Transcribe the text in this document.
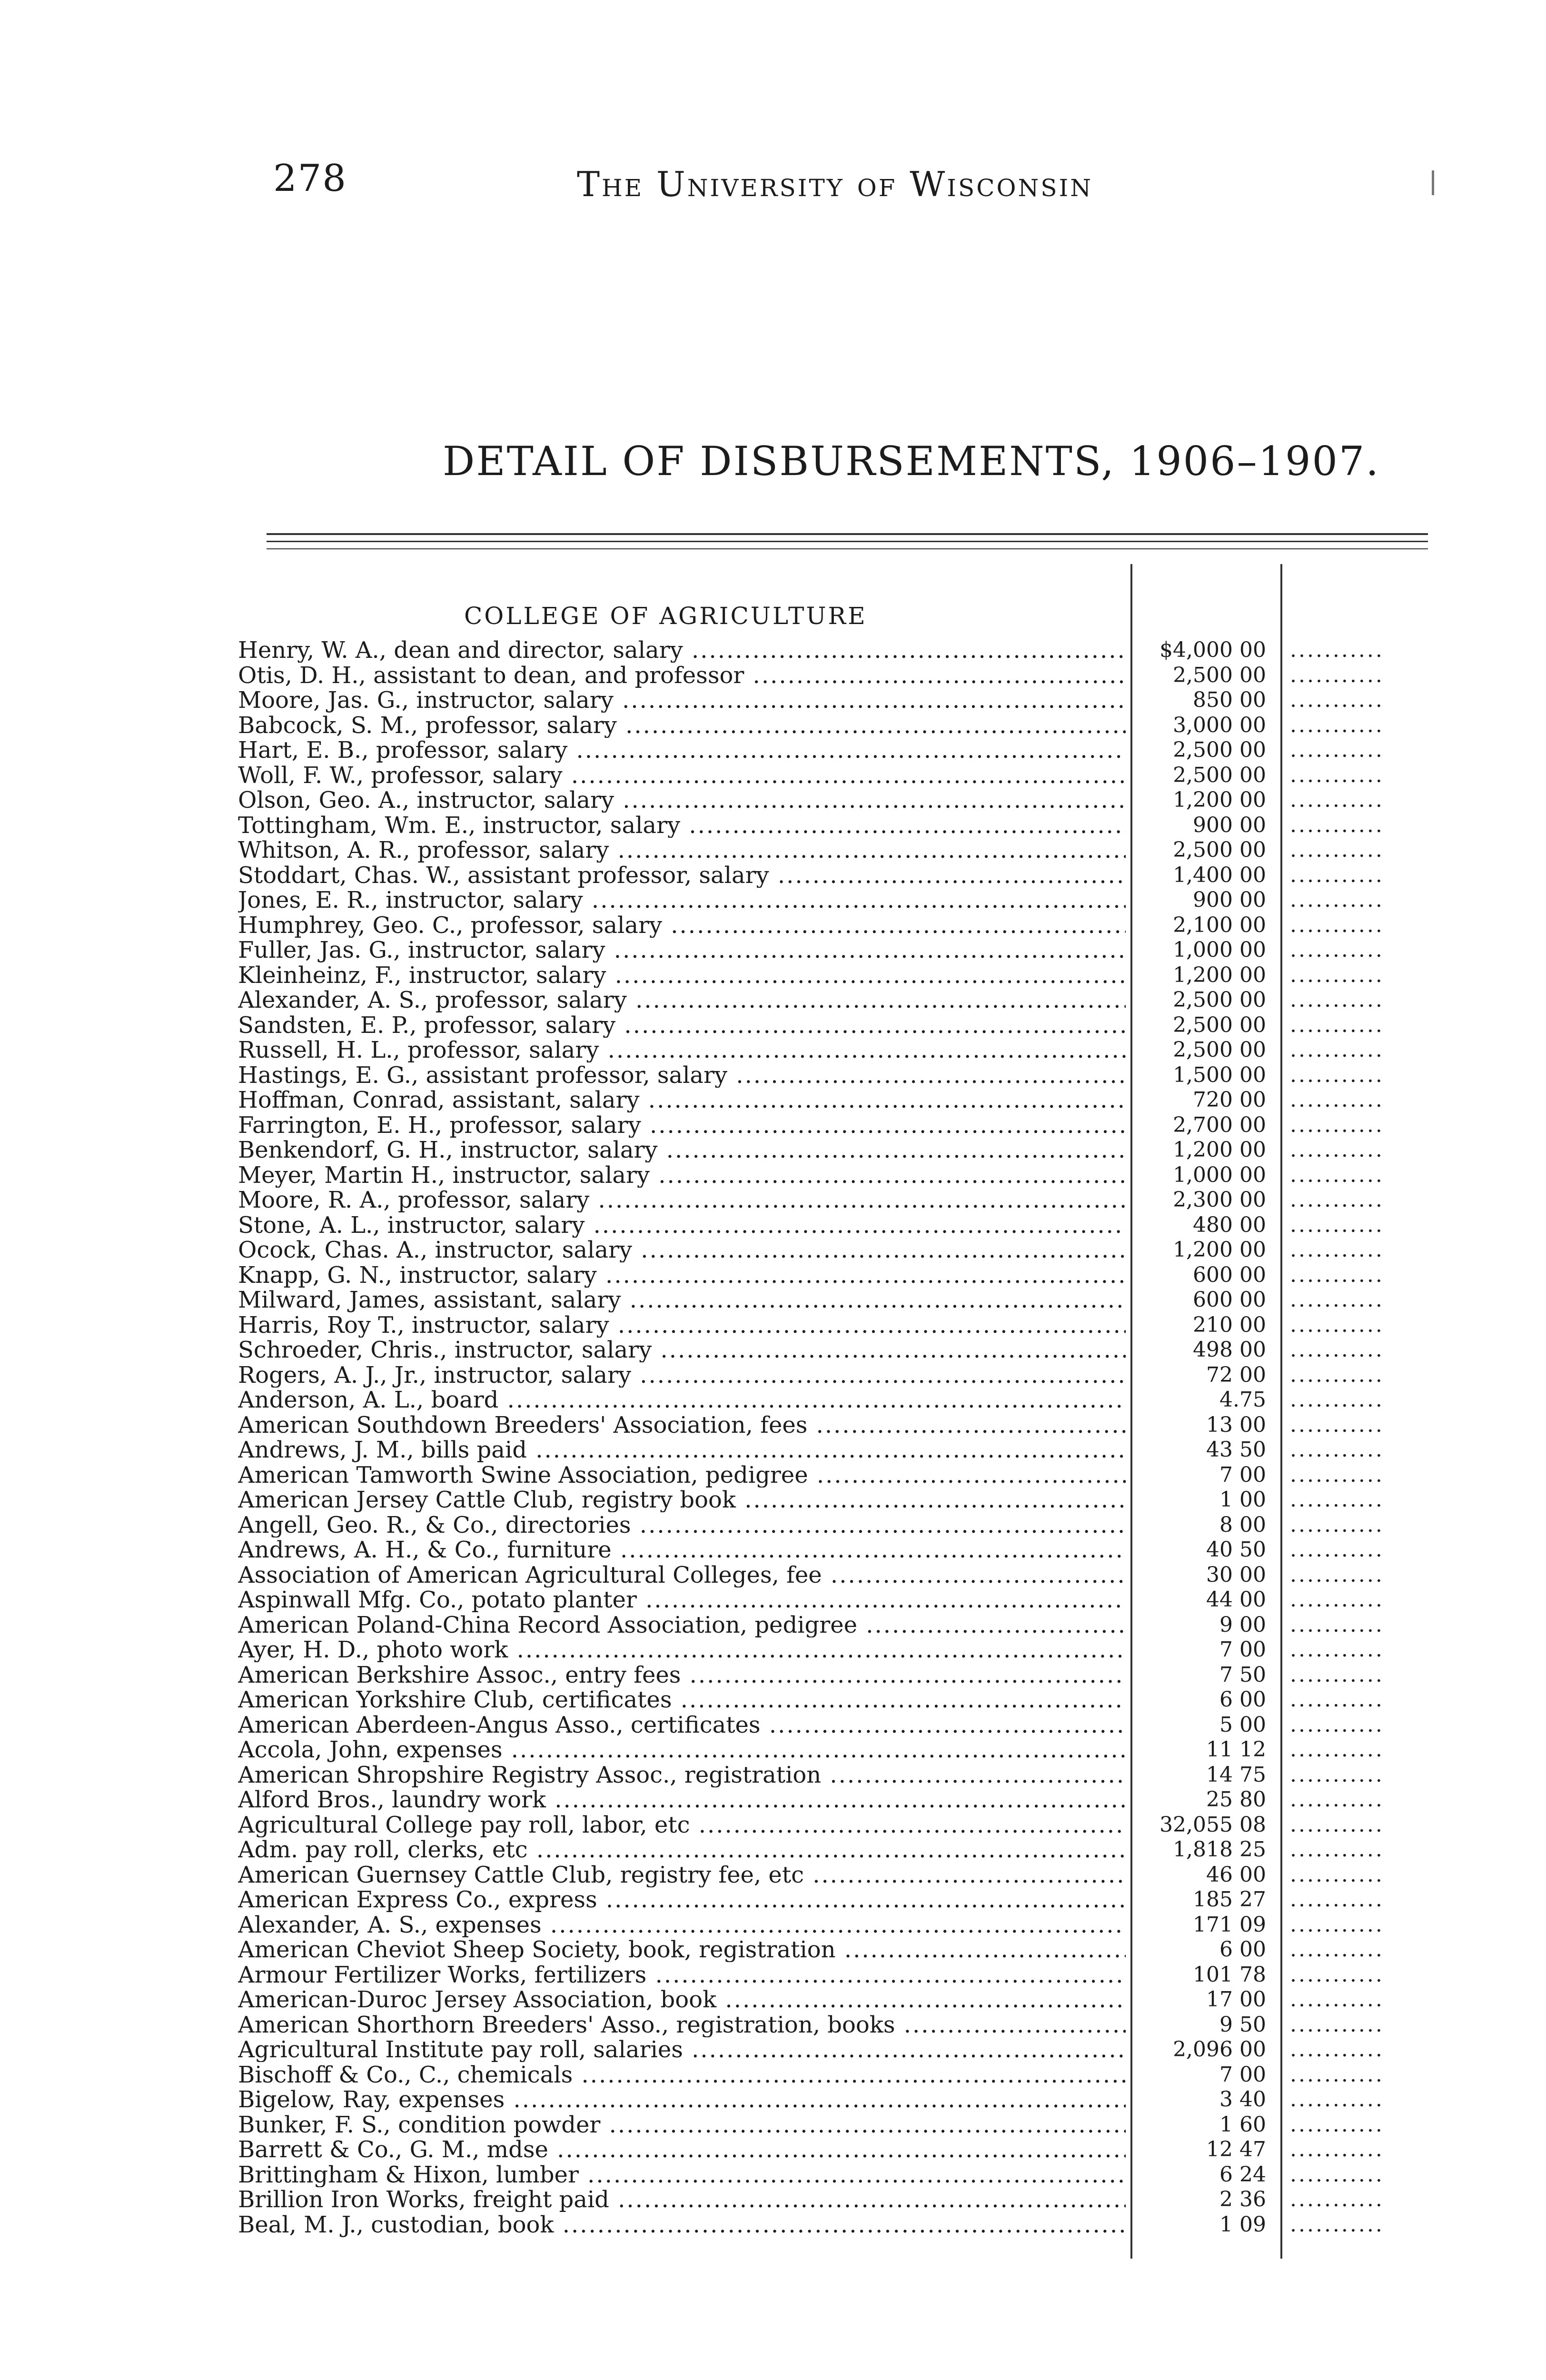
278	The University of Wisconsin
DETAIL OF DISBURSEMENTS, 1906–1907.
COLLEGE OF AGRICULTURE
Henry, W. A., dean and director, salary .....	$4,000 00 ...........
Otis, D. H., assistant to dean, and professor .....	2,500 00 ...........
Moore, Jas. G., instructor, salary .....	850 00 ...........
Babcock, S. M., professor, salary .....	3,000 00 ...........
Hart, E. B., professor, salary .....	2,500 00 ...........
Woll, F. W., professor, salary .....	2,500 00 ...........
Olson, Geo. A., instructor, salary .....	1,200 00 ...........
Tottingham, Wm. E., instructor, salary .....	900 00 ...........
Whitson, A. R., professor, salary .....	2,500 00 ...........
Stoddart, Chas. W., assistant professor, salary .....	1,400 00 ...........
Jones, E. R., instructor, salary .....	900 00 ...........
Humphrey, Geo. C., professor, salary .....	2,100 00 ...........
Fuller, Jas. G., instructor, salary .....	1,000 00 ...........
Kleinheinz, F., instructor, salary .....	1,200 00 ...........
Alexander, A. S., professor, salary .....	2,500 00 ...........
Sandsten, E. P., professor, salary .....	2,500 00 ...........
Russell, H. L., professor, salary .....	2,500 00 ...........
Hastings, E. G., assistant professor, salary .....	1,500 00 ...........
Hoffman, Conrad, assistant, salary .....	720 00 ...........
Farrington, E. H., professor, salary .....	2,700 00 ...........
Benkendorf, G. H., instructor, salary .....	1,200 00 ...........
Meyer, Martin H., instructor, salary .....	1,000 00 ...........
Moore, R. A., professor, salary .....	2,300 00 ...........
Stone, A. L., instructor, salary .....	480 00 ...........
Ocock, Chas. A., instructor, salary .....	1,200 00 ...........
Knapp, G. N., instructor, salary .....	600 00 ...........
Milward, James, assistant, salary .....	600 00 ...........
Harris, Roy T., instructor, salary .....	210 00 ...........
Schroeder, Chris., instructor, salary .....	498 00 ...........
Rogers, A. J., Jr., instructor, salary .....	72 00 ...........
Anderson, A. L., board .....	4.75 ...........
American Southdown Breeders' Association, fees .....	13 00 ...........
Andrews, J. M., bills paid .....	43 50 ...........
American Tamworth Swine Association, pedigree .....	7 00 ...........
American Jersey Cattle Club, registry book .....	1 00 ...........
Angell, Geo. R., & Co., directories .....	8 00 ...........
Andrews, A. H., & Co., furniture .....	40 50 ...........
Association of American Agricultural Colleges, fee .....	30 00 ...........
Aspinwall Mfg. Co., potato planter .....	44 00 ...........
American Poland-China Record Association, pedigree .....	9 00 ...........
Ayer, H. D., photo work .....	7 00 ...........
American Berkshire Assoc., entry fees .....	7 50 ...........
American Yorkshire Club, certificates .....	6 00 ...........
American Aberdeen-Angus Asso., certificates .....	5 00 ...........
Accola, John, expenses .....	11 12 ...........
American Shropshire Registry Assoc., registration .....	14 75 ...........
Alford Bros., laundry work .....	25 80 ...........
Agricultural College pay roll, labor, etc .....	32,055 08 ...........
Adm. pay roll, clerks, etc .....	1,818 25 ...........
American Guernsey Cattle Club, registry fee, etc .....	46 00 ...........
American Express Co., express .....	185 27 ...........
Alexander, A. S., expenses .....	171 09 ...........
American Cheviot Sheep Society, book, registration .....	6 00 ...........
Armour Fertilizer Works, fertilizers .....	101 78 ...........
American-Duroc Jersey Association, book .....	17 00 ...........
American Shorthorn Breeders' Asso., registration, books .....	9 50 ...........
Agricultural Institute pay roll, salaries .....	2,096 00 ...........
Bischoff & Co., C., chemicals .....	7 00 ...........
Bigelow, Ray, expenses .....	3 40 ...........
Bunker, F. S., condition powder .....	1 60 ...........
Barrett & Co., G. M., mdse .....	12 47 ...........
Brittingham & Hixon, lumber .....	6 24 ...........
Brillion Iron Works, freight paid .....	2 36 ...........
Beal, M. J., custodian, book .....	1 09 ...........
